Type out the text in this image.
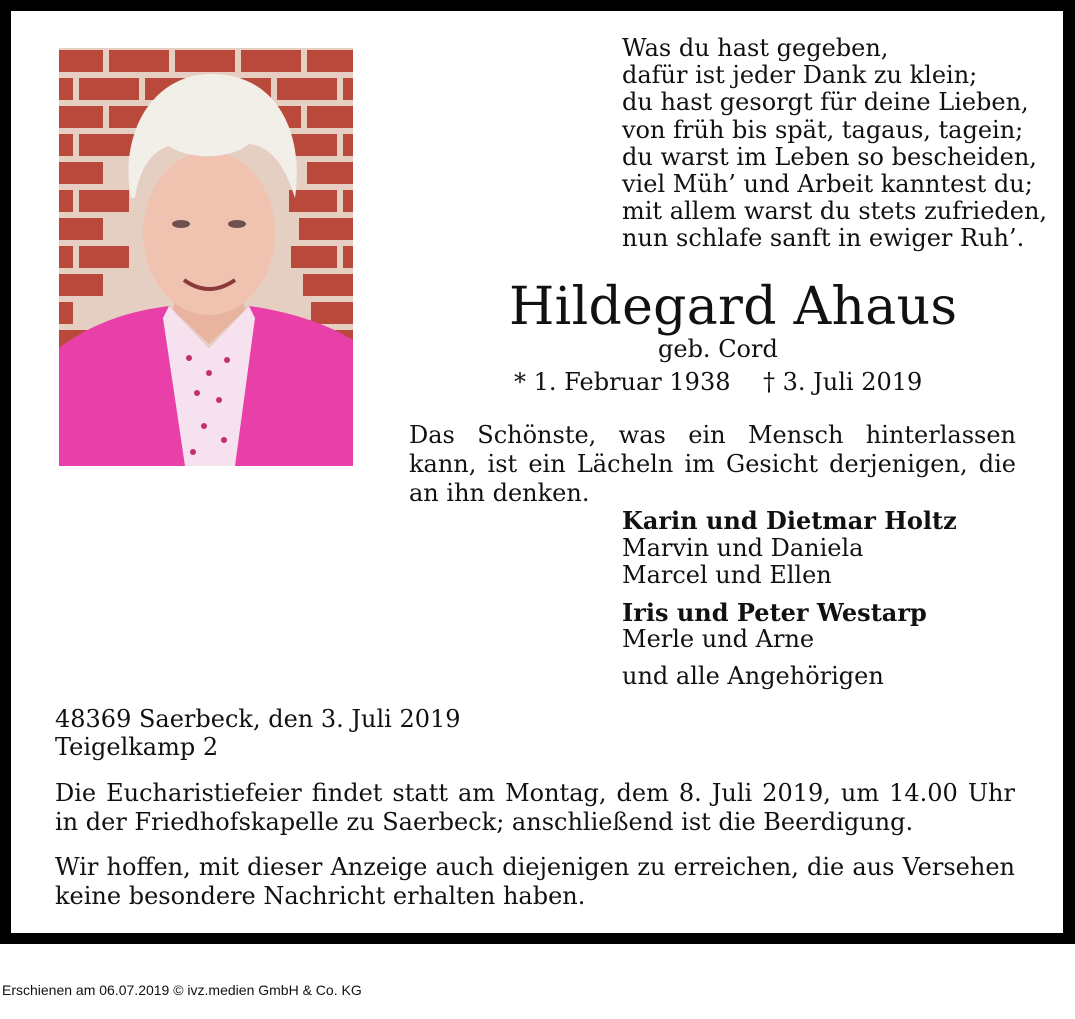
Was du hast gegeben,
dafür ist jeder Dank zu klein;
du hast gesorgt für deine Lieben,
von früh bis spät, tagaus, tagein;
du warst im Leben so bescheiden,
viel Müh’ und Arbeit kanntest du;
mit allem warst du stets zufrieden,
nun schlafe sanft in ewiger Ruh’.
Hildegard Ahaus
geb. Cord
* 1. Februar 1938 † 3. Juli 2019
Das Schönste, was ein Mensch hinterlassen kann, ist ein Lächeln im Gesicht derjenigen, die an ihn denken.
Karin und Dietmar Holtz
Marvin und Daniela
Marcel und Ellen
Iris und Peter Westarp
Merle und Arne
und alle Angehörigen
48369 Saerbeck, den 3. Juli 2019
Teigelkamp 2
Die Eucharistiefeier findet statt am Montag, dem 8. Juli 2019, um 14.00 Uhr in der Friedhofskapelle zu Saerbeck; anschließend ist die Beerdigung.
Wir hoffen, mit dieser Anzeige auch diejenigen zu erreichen, die aus Versehen keine besondere Nachricht erhalten haben.
Erschienen am 06.07.2019 © ivz.medien GmbH & Co. KG
